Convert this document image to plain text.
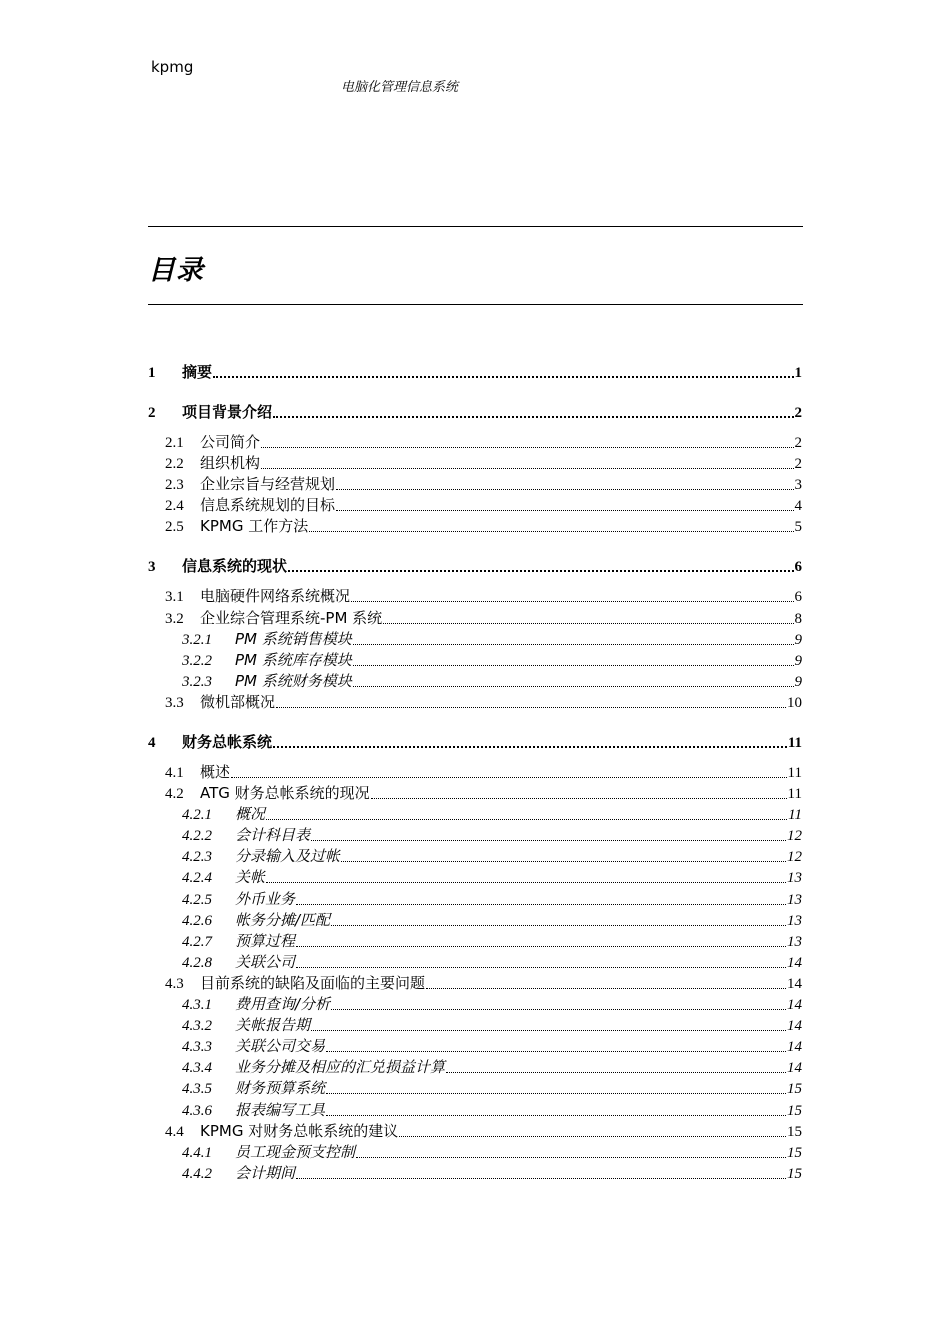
kpmg
电脑化管理信息系统
目录
1	摘要	1
2	项目背景介绍	2
2.1	公司简介	2
2.2	组织机构	2
2.3	企业宗旨与经营规划	3
2.4	信息系统规划的目标	4
2.5	KPMG 工作方法	5
3	信息系统的现状	6
3.1	电脑硬件网络系统概况	6
3.2	企业综合管理系统-PM 系统	8
3.2.1	PM 系统销售模块	9
3.2.2	PM 系统库存模块	9
3.2.3	PM 系统财务模块	9
3.3	微机部概况	10
4	财务总帐系统	11
4.1	概述	11
4.2	ATG 财务总帐系统的现况	11
4.2.1	概况	11
4.2.2	会计科目表	12
4.2.3	分录输入及过帐	12
4.2.4	关帐	13
4.2.5	外币业务	13
4.2.6	帐务分摊/匹配	13
4.2.7	预算过程	13
4.2.8	关联公司	14
4.3	目前系统的缺陷及面临的主要问题	14
4.3.1	费用查询/分析	14
4.3.2	关帐报告期	14
4.3.3	关联公司交易	14
4.3.4	业务分摊及相应的汇兑损益计算	14
4.3.5	财务预算系统	15
4.3.6	报表编写工具	15
4.4	KPMG 对财务总帐系统的建议	15
4.4.1	员工现金预支控制	15
4.4.2	会计期间	15
